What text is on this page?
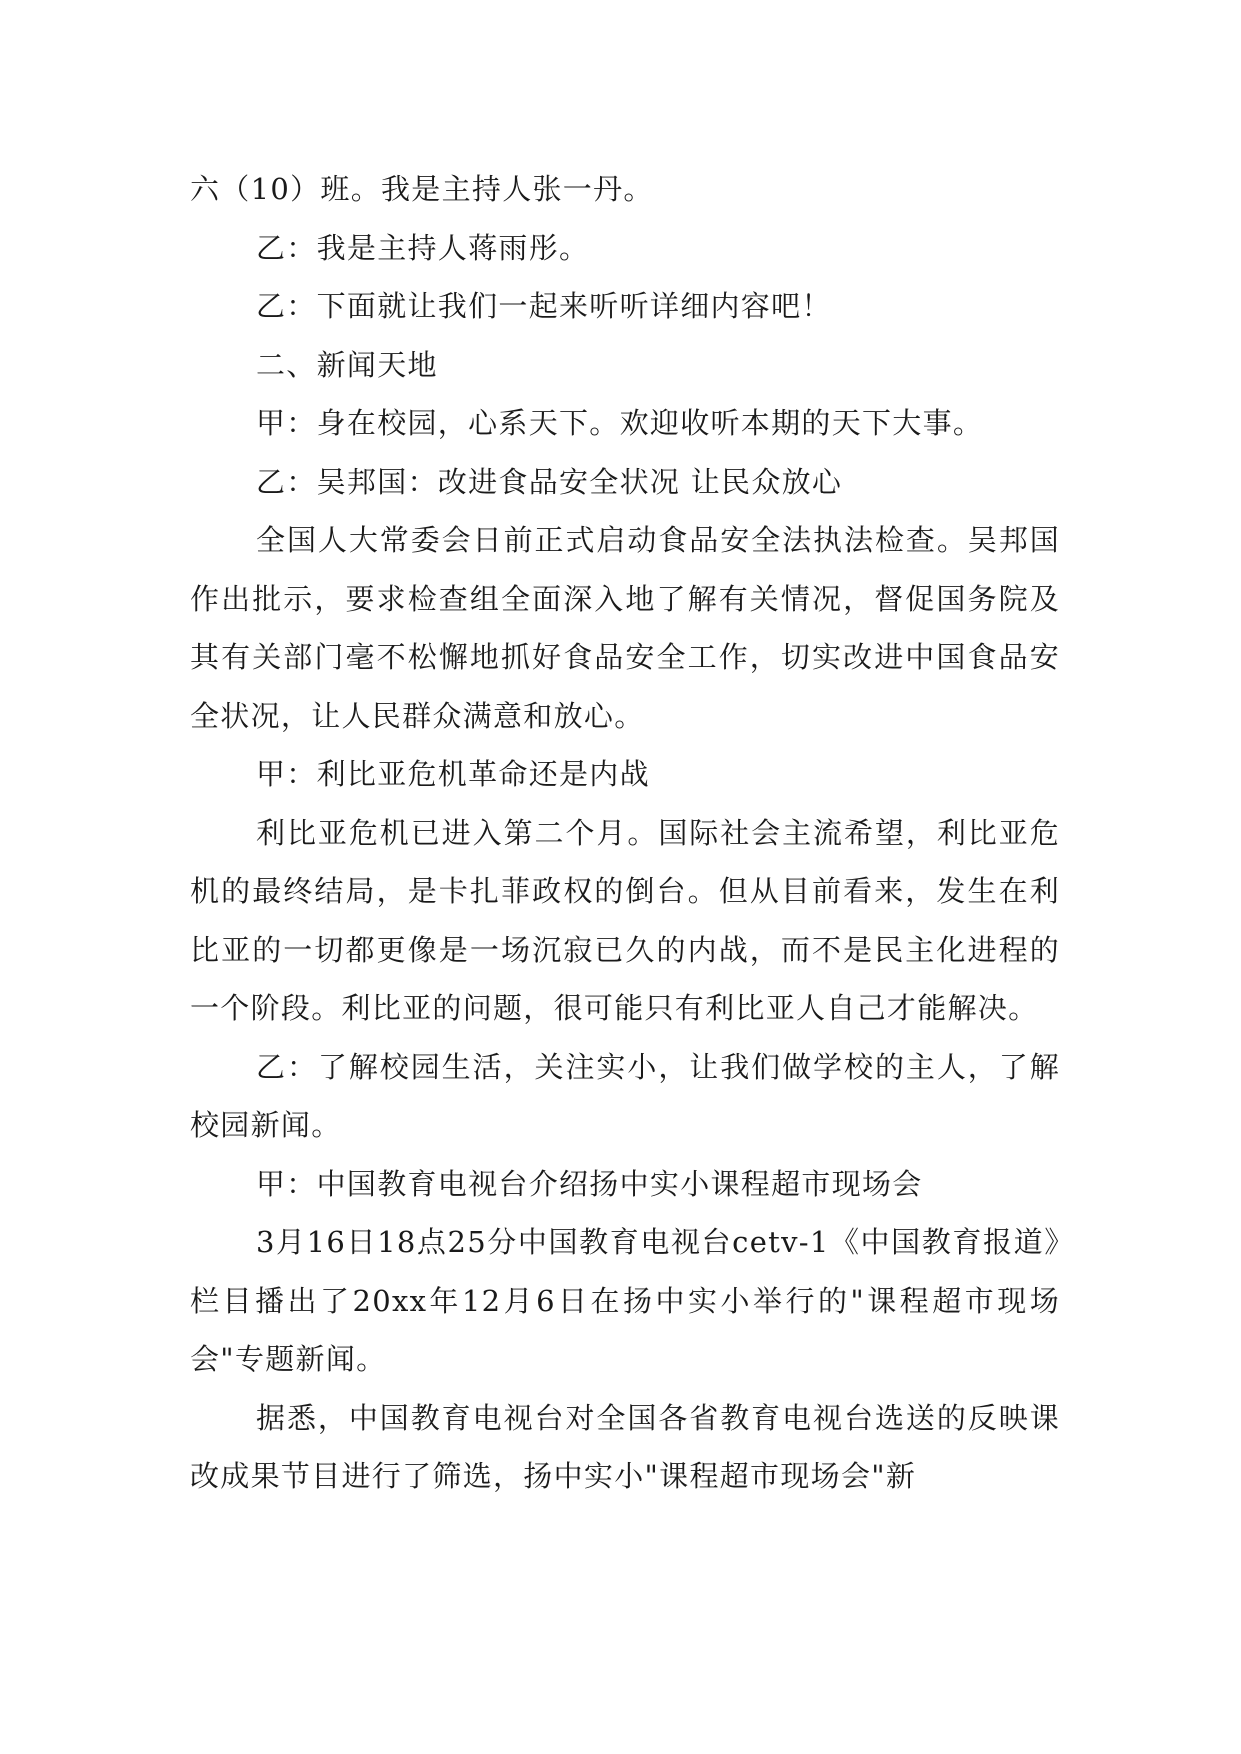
六（10）班。我是主持人张一丹。

乙：我是主持人蒋雨彤。

乙：下面就让我们一起来听听详细内容吧！

二、新闻天地

甲：身在校园，心系天下。欢迎收听本期的天下大事。

乙：吴邦国：改进食品安全状况 让民众放心

全国人大常委会日前正式启动食品安全法执法检查。吴邦国作出批示，要求检查组全面深入地了解有关情况，督促国务院及其有关部门毫不松懈地抓好食品安全工作，切实改进中国食品安全状况，让人民群众满意和放心。

甲：利比亚危机革命还是内战

利比亚危机已进入第二个月。国际社会主流希望，利比亚危机的最终结局，是卡扎菲政权的倒台。但从目前看来，发生在利比亚的一切都更像是一场沉寂已久的内战，而不是民主化进程的一个阶段。利比亚的问题，很可能只有利比亚人自己才能解决。

乙：了解校园生活，关注实小，让我们做学校的主人，了解校园新闻。

甲：中国教育电视台介绍扬中实小课程超市现场会

3月16日18点25分中国教育电视台cetv-1《中国教育报道》栏目播出了20xx年12月6日在扬中实小举行的"课程超市现场会"专题新闻。

据悉，中国教育电视台对全国各省教育电视台选送的反映课改成果节目进行了筛选，扬中实小"课程超市现场会"新
